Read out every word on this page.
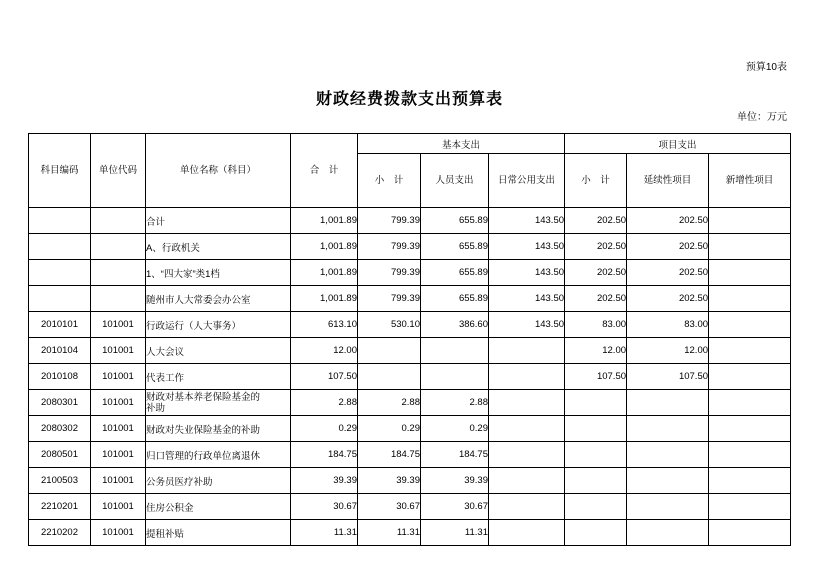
预算10表
财政经费拨款支出预算表
单位：万元
科目编码	单位代码	单位名称（科目）	合　计	基本支出			项目支出		
				小　计	人员支出	日常公用支出	小　计	延续性项目	新增性项目
		合计	1,001.89	799.39	655.89	143.50	202.50	202.50	
		A、行政机关	1,001.89	799.39	655.89	143.50	202.50	202.50	
		1、“四大家”类1档	1,001.89	799.39	655.89	143.50	202.50	202.50	
		随州市人大常委会办公室	1,001.89	799.39	655.89	143.50	202.50	202.50	
2010101	101001	行政运行（人大事务）	613.10	530.10	386.60	143.50	83.00	83.00	
2010104	101001	人大会议	12.00				12.00	12.00	
2010108	101001	代表工作	107.50				107.50	107.50	
2080301	101001	财政对基本养老保险基金的
补助	2.88	2.88	2.88				
2080302	101001	财政对失业保险基金的补助	0.29	0.29	0.29				
2080501	101001	归口管理的行政单位离退休	184.75	184.75	184.75				
2100503	101001	公务员医疗补助	39.39	39.39	39.39				
2210201	101001	住房公积金	30.67	30.67	30.67				
2210202	101001	提租补贴	11.31	11.31	11.31				
